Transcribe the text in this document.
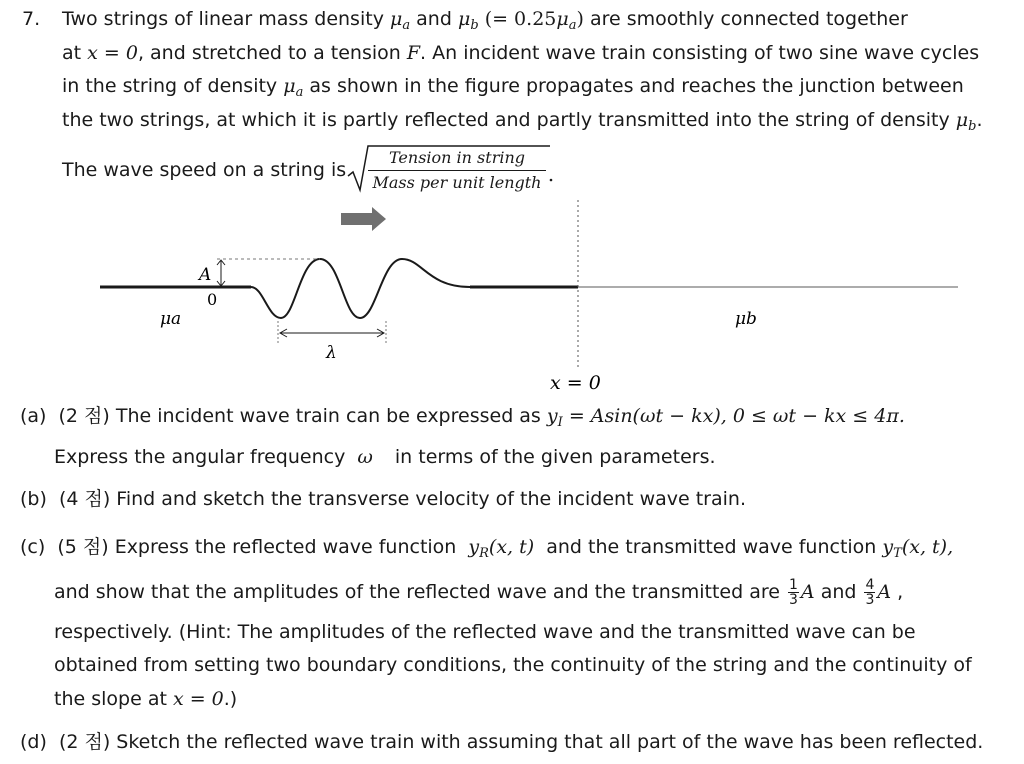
7. Two strings of linear mass density $\mu_a$ and $\mu_b$ (= $0.25\mu_a$) are smoothly connected together
at x = 0, and stretched to a tension F. An incident wave train consisting of two sine wave cycles
in the string of density $\mu_a$ as shown in the figure propagates and reaches the junction between
the two strings, at which it is partly reflected and partly transmitted into the string of density $\mu_b$.
The wave speed on a string is
Tension in string
Mass per unit length
A
0
μa	μb
λ
x = 0
(a) (2 점) The incident wave train can be expressed as $y_I = Asin(\omega t - kx)$, 0 ≤ ωt − kx ≤ 4π.
Express the angular frequency ω in terms of the given parameters.
(b) (4 점) Find and sketch the transverse velocity of the incident wave train.
(c) (5 점) Express the reflected wave function $y_R(x$, t) and the transmitted wave function $y_T(x$, t),
and show that the amplitudes of the reflected wave and the transmitted are $\frac{1}{3}$ A and $\frac{4}{3}$ A ,
respectively. (Hint: The amplitudes of the reflected wave and the transmitted wave can be
obtained from setting two boundary conditions, the continuity of the string and the continuity of
the slope at x = 0.)
(d) (2 점) Sketch the reflected wave train with assuming that all part of the wave has been reflected.
